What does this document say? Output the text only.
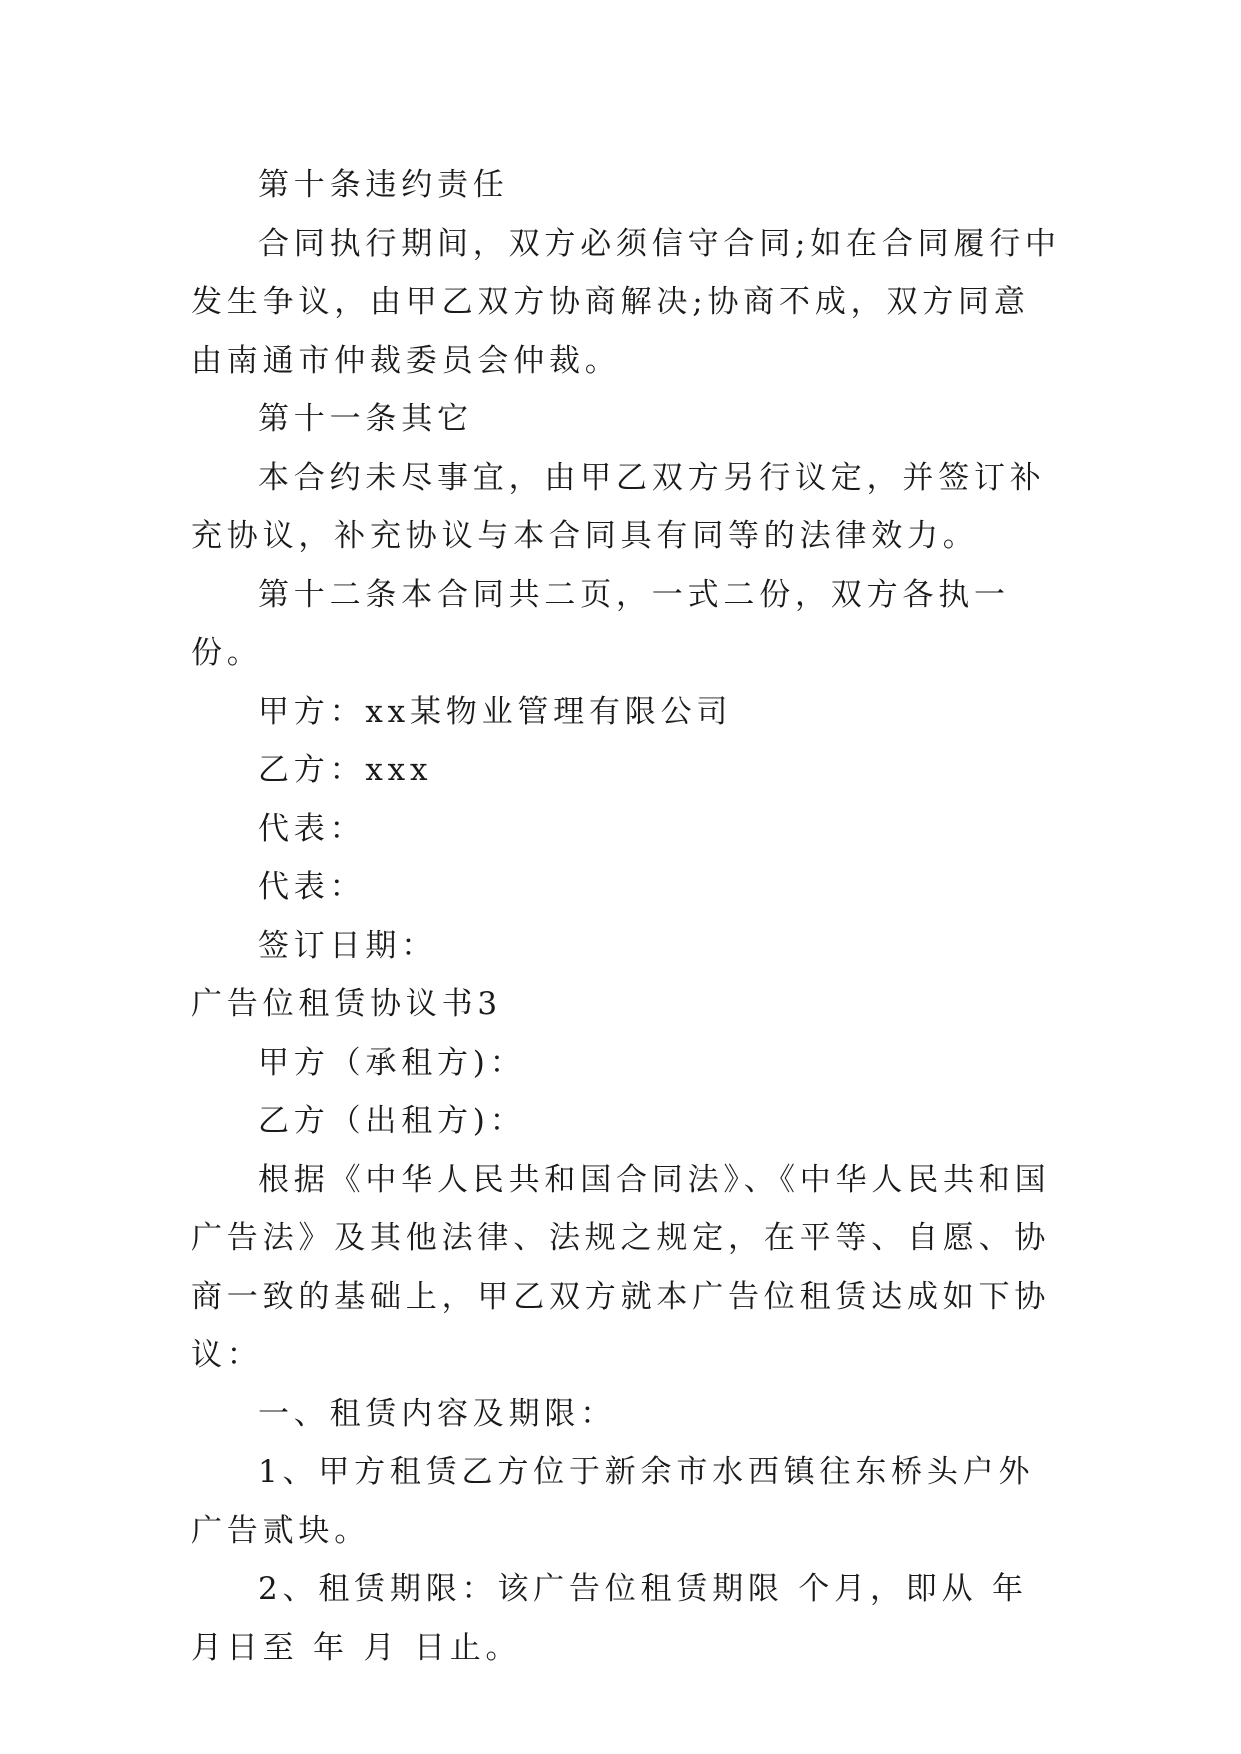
第十条违约责任

合同执行期间，双方必须信守合同;如在合同履行中发生争议，由甲乙双方协商解决;协商不成，双方同意由南通市仲裁委员会仲裁。

第十一条其它

本合约未尽事宜，由甲乙双方另行议定，并签订补充协议，补充协议与本合同具有同等的法律效力。

第十二条本合同共二页，一式二份，双方各执一份。

甲方：xx某物业管理有限公司

乙方：xxx

代表：

代表：

签订日期：

广告位租赁协议书3

甲方（承租方)：

乙方（出租方)：

根据《中华人民共和国合同法》、《中华人民共和国广告法》及其他法律、法规之规定，在平等、自愿、协商一致的基础上，甲乙双方就本广告位租赁达成如下协议：

一、租赁内容及期限：

1、甲方租赁乙方位于新余市水西镇往东桥头户外广告贰块。

2、租赁期限：该广告位租赁期限 个月，即从 年 月日至 年 月 日止。
